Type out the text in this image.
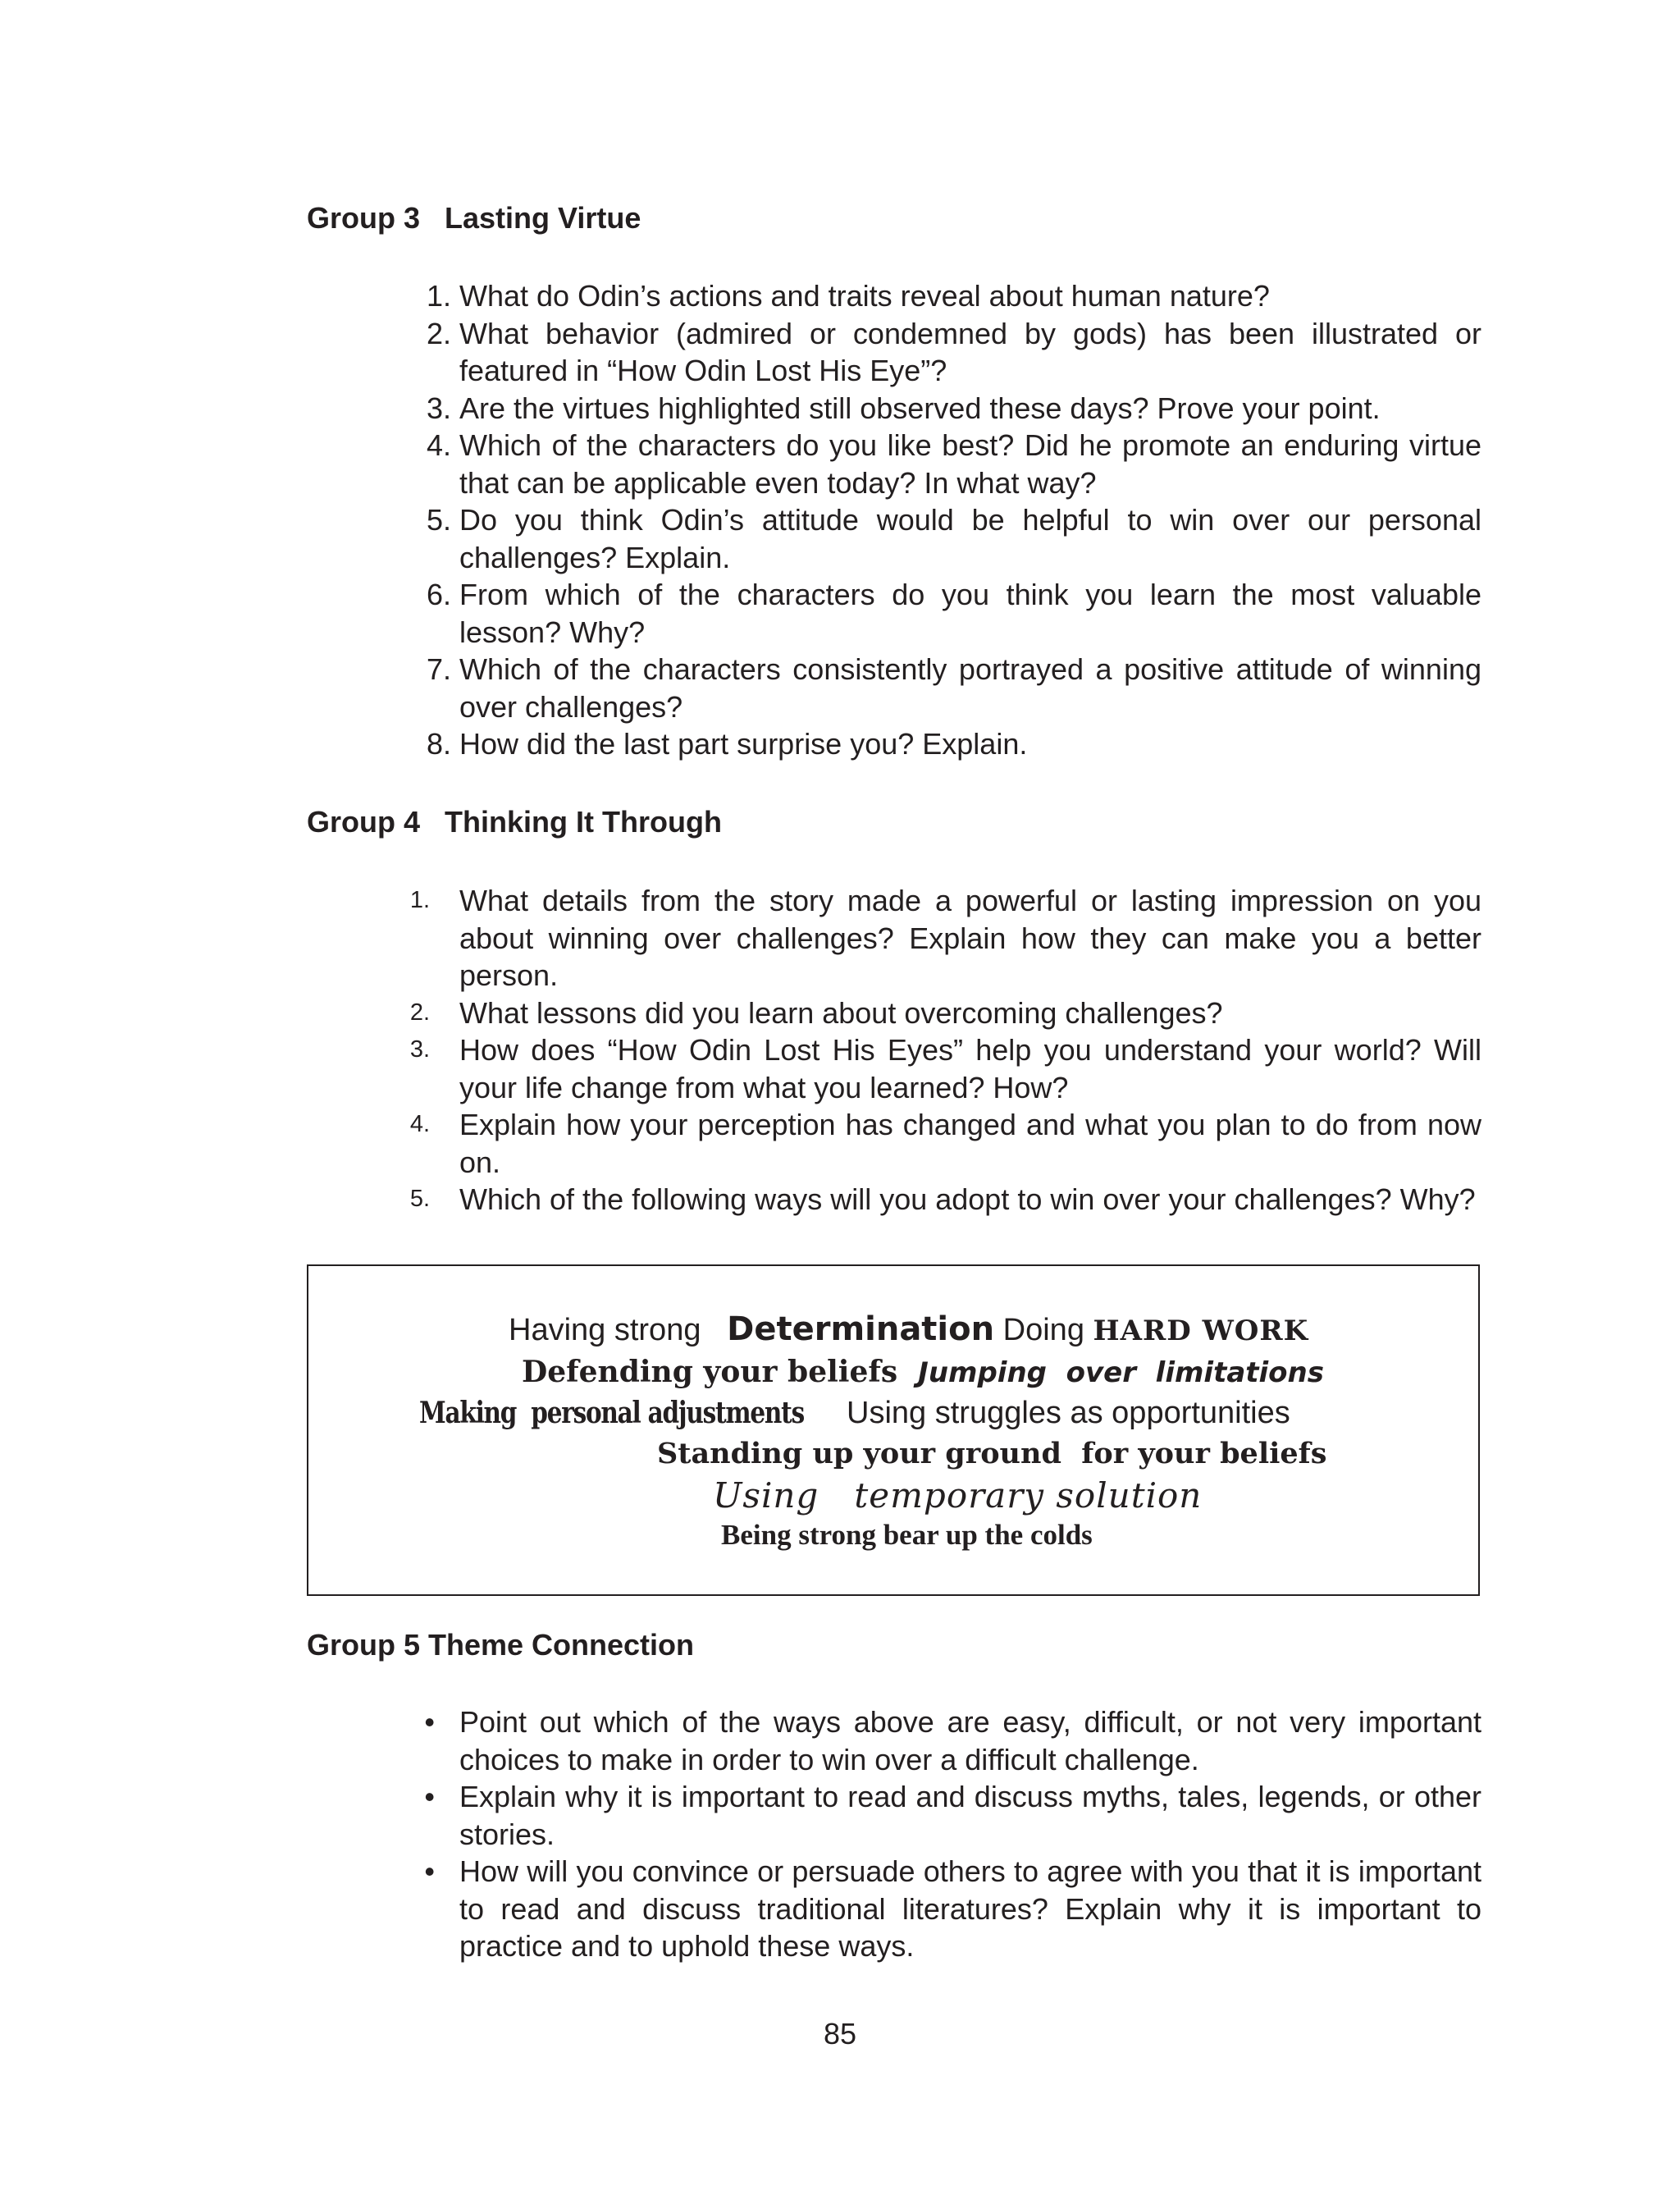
Group 3   Lasting Virtue
1. What do Odin’s actions and traits reveal about human nature?
2. What behavior (admired or condemned by gods) has been illustrated or featured in “How Odin Lost His Eye”?
3. Are the virtues highlighted still observed these days? Prove your point.
4. Which of the characters do you like best? Did he promote an enduring virtue that can be applicable even today? In what way?
5. Do you think Odin’s attitude would be helpful to win over our personal challenges? Explain.
6. From which of the characters do you think you learn the most valuable lesson? Why?
7. Which of the characters consistently portrayed a positive attitude of winning over challenges?
8. How did the last part surprise you? Explain.
Group 4   Thinking It Through
1. What details from the story made a powerful or lasting impression on you about winning over challenges? Explain how they can make you a better person.
2. What lessons did you learn about overcoming challenges?
3. How does “How Odin Lost His Eyes” help you understand your world? Will your life change from what you learned? How?
4. Explain how your perception has changed and what you plan to do from now on.
5. Which of the following ways will you adopt to win over your challenges? Why?
Having strong   Determination Doing HARD WORK
Defending your beliefs  Jumping  over  limitations
Making  personal adjustments  Using struggles as opportunities
Standing up your ground  for your beliefs
Using   temporary solution
Being strong bear up the colds
Group 5 Theme Connection
• Point out which of the ways above are easy, difficult, or not very important choices to make in order to win over a difficult challenge.
• Explain why it is important to read and discuss myths, tales, legends, or other stories.
• How will you convince or persuade others to agree with you that it is important to read and discuss traditional literatures? Explain why it is important to practice and to uphold these ways.
85
